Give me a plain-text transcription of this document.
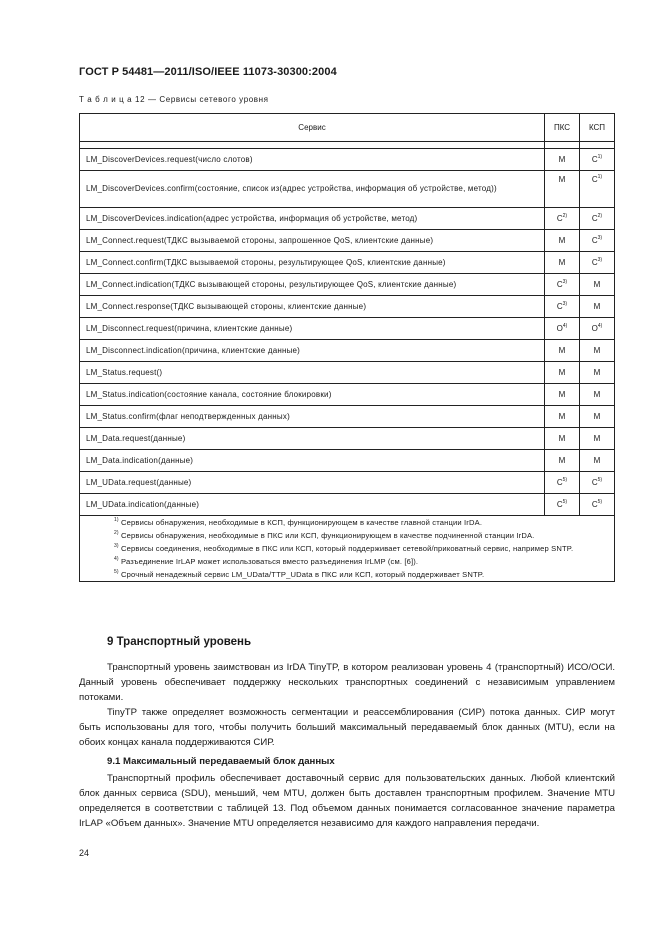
ГОСТ Р 54481—2011/ISO/IEEE 11073-30300:2004
Т а б л и ц а 12 — Сервисы сетевого уровня
Сервис	ПКС	КСП

LM_DiscoverDevices.request(число слотов)	M	$C^{1)}$
LM_DiscoverDevices.confirm(состояние, список из(адрес устройства, информация об устройстве, метод))	M	$C^{1)}$
LM_DiscoverDevices.indication(адрес устройства, информация об устройстве, метод)	$C^{2)}$	$C^{2)}$
LM_Connect.request(ТДКС вызываемой стороны, запрошенное QoS, клиентские данные)	M	$C^{3)}$
LM_Connect.confirm(ТДКС вызываемой стороны, результирующее QoS, клиентские данные)	M	$C^{3)}$
LM_Connect.indication(ТДКС вызывающей стороны, результирующее QoS, клиентские данные)	$C^{3)}$	M
LM_Connect.response(ТДКС вызывающей стороны, клиентские данные)	$C^{3)}$	M
LM_Disconnect.request(причина, клиентские данные)	$O^{4)}$	$O^{4)}$
LM_Disconnect.indication(причина, клиентские данные)	M	M
LM_Status.request()	M	M
LM_Status.indication(состояние канала, состояние блокировки)	M	M
LM_Status.confirm(флаг неподтвержденных данных)	M	M
LM_Data.request(данные)	M	M
LM_Data.indication(данные)	M	M
LM_UData.request(данные)	$C^{5)}$	$C^{5)}$
LM_UData.indication(данные)	$C^{5)}$	$C^{5)}$

$^{1)}$ Сервисы обнаружения, необходимые в КСП, функционирующем в качестве главной станции IrDA.

$^{2)}$ Сервисы обнаружения, необходимые в ПКС или КСП, функционирующем в качестве подчиненной станции IrDA.

$^{3)}$ Сервисы соединения, необходимые в ПКС или КСП, который поддерживает сетевой/приковатный сервис, например SNTP.

$^{4)}$ Разъединение IrLAP может использоваться вместо разъединения IrLMP (см. [6]).

$^{5)}$ Срочный ненадежный сервис LM_UData/TTP_UData в ПКС или КСП, который поддерживает SNTP.		

9 Транспортный уровень

Транспортный уровень заимствован из IrDA TinyTP, в котором реализован уровень 4 (транспортный) ИСО/ОСИ. Данный уровень обеспечивает поддержку нескольких транспортных соединений с независимым управлением потоками.

TinyTP также определяет возможность сегментации и реассемблирования (СИР) потока данных. СИР могут быть использованы для того, чтобы получить больший максимальный передаваемый блок данных (MTU), если на обоих концах канала поддерживаются СИР.

9.1 Максимальный передаваемый блок данных

Транспортный профиль обеспечивает доставочный сервис для пользовательских данных. Любой клиентский блок данных сервиса (SDU), меньший, чем MTU, должен быть доставлен транспортным профилем. Значение MTU определяется в соответствии с таблицей 13. Под объемом данных понимается согласованное значение параметра IrLAP «Объем данных». Значение MTU определяется независимо для каждого направления передачи.

24
